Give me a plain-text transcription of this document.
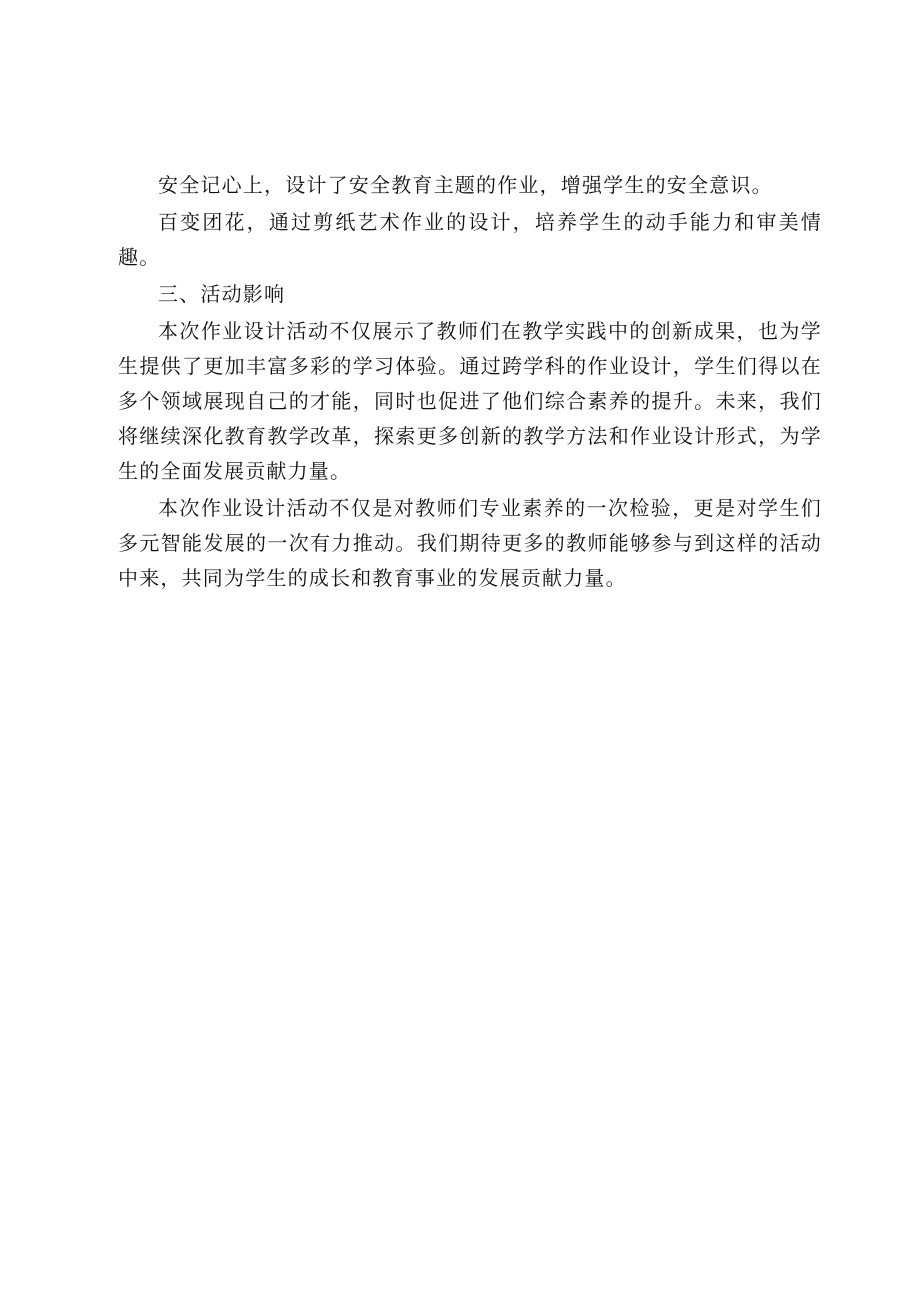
安全记心上，设计了安全教育主题的作业，增强学生的安全意识。

百变团花，通过剪纸艺术作业的设计，培养学生的动手能力和审美情趣。

三、活动影响

本次作业设计活动不仅展示了教师们在教学实践中的创新成果，也为学生提供了更加丰富多彩的学习体验。通过跨学科的作业设计，学生们得以在多个领域展现自己的才能，同时也促进了他们综合素养的提升。未来，我们将继续深化教育教学改革，探索更多创新的教学方法和作业设计形式，为学生的全面发展贡献力量。

本次作业设计活动不仅是对教师们专业素养的一次检验，更是对学生们多元智能发展的一次有力推动。我们期待更多的教师能够参与到这样的活动中来，共同为学生的成长和教育事业的发展贡献力量。
